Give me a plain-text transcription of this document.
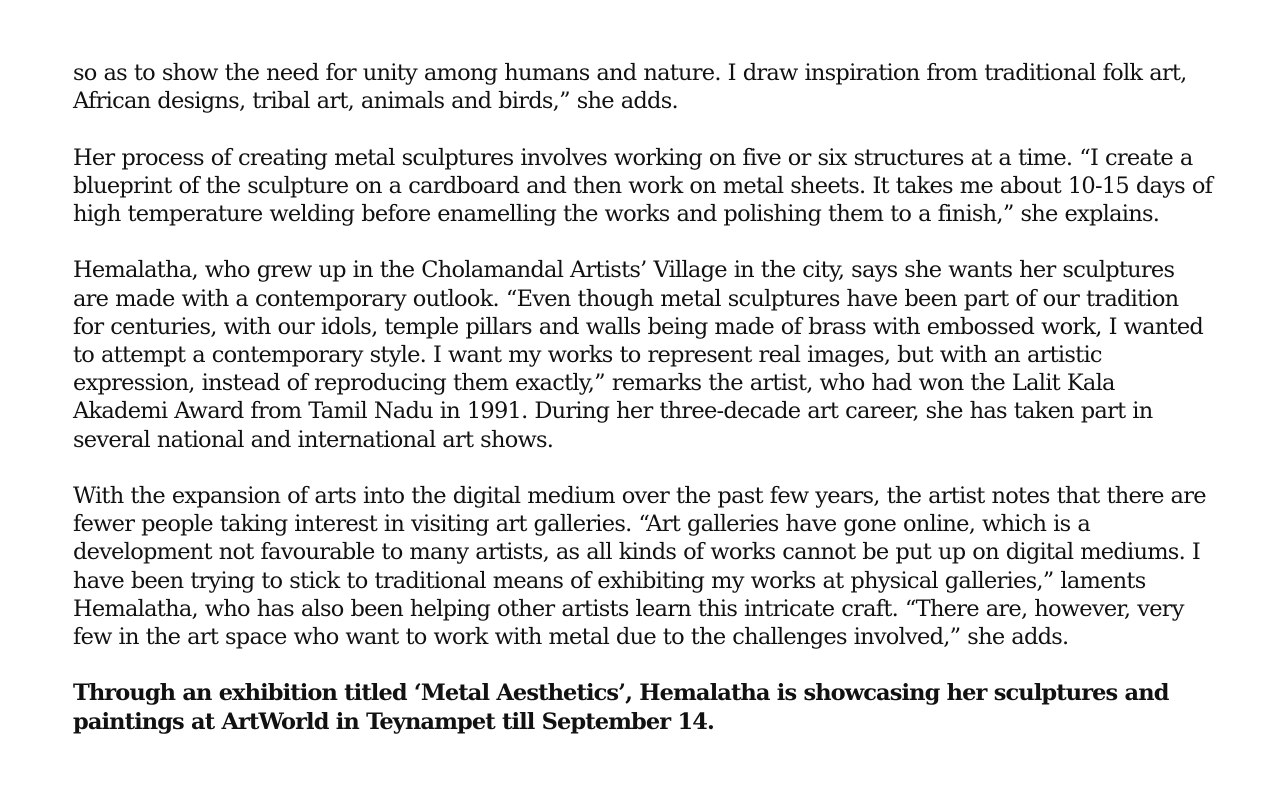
so as to show the need for unity among humans and nature. I draw inspiration from traditional folk art, African designs, tribal art, animals and birds,” she adds.

Her process of creating metal sculptures involves working on five or six structures at a time. “I create a blueprint of the sculpture on a cardboard and then work on metal sheets. It takes me about 10-15 days of high temperature welding before enamelling the works and polishing them to a finish,” she explains.

Hemalatha, who grew up in the Cholamandal Artists’ Village in the city, says she wants her sculptures are made with a contemporary outlook. “Even though metal sculptures have been part of our tradition for centuries, with our idols, temple pillars and walls being made of brass with embossed work, I wanted to attempt a contemporary style. I want my works to represent real images, but with an artistic expression, instead of reproducing them exactly,” remarks the artist, who had won the Lalit Kala Akademi Award from Tamil Nadu in 1991. During her three-decade art career, she has taken part in several national and international art shows.

With the expansion of arts into the digital medium over the past few years, the artist notes that there are fewer people taking interest in visiting art galleries. “Art galleries have gone online, which is a development not favourable to many artists, as all kinds of works cannot be put up on digital mediums. I have been trying to stick to traditional means of exhibiting my works at physical galleries,” laments Hemalatha, who has also been helping other artists learn this intricate craft. “There are, however, very few in the art space who want to work with metal due to the challenges involved,” she adds.

Through an exhibition titled ‘Metal Aesthetics’, Hemalatha is showcasing her sculptures and paintings at ArtWorld in Teynampet till September 14.
